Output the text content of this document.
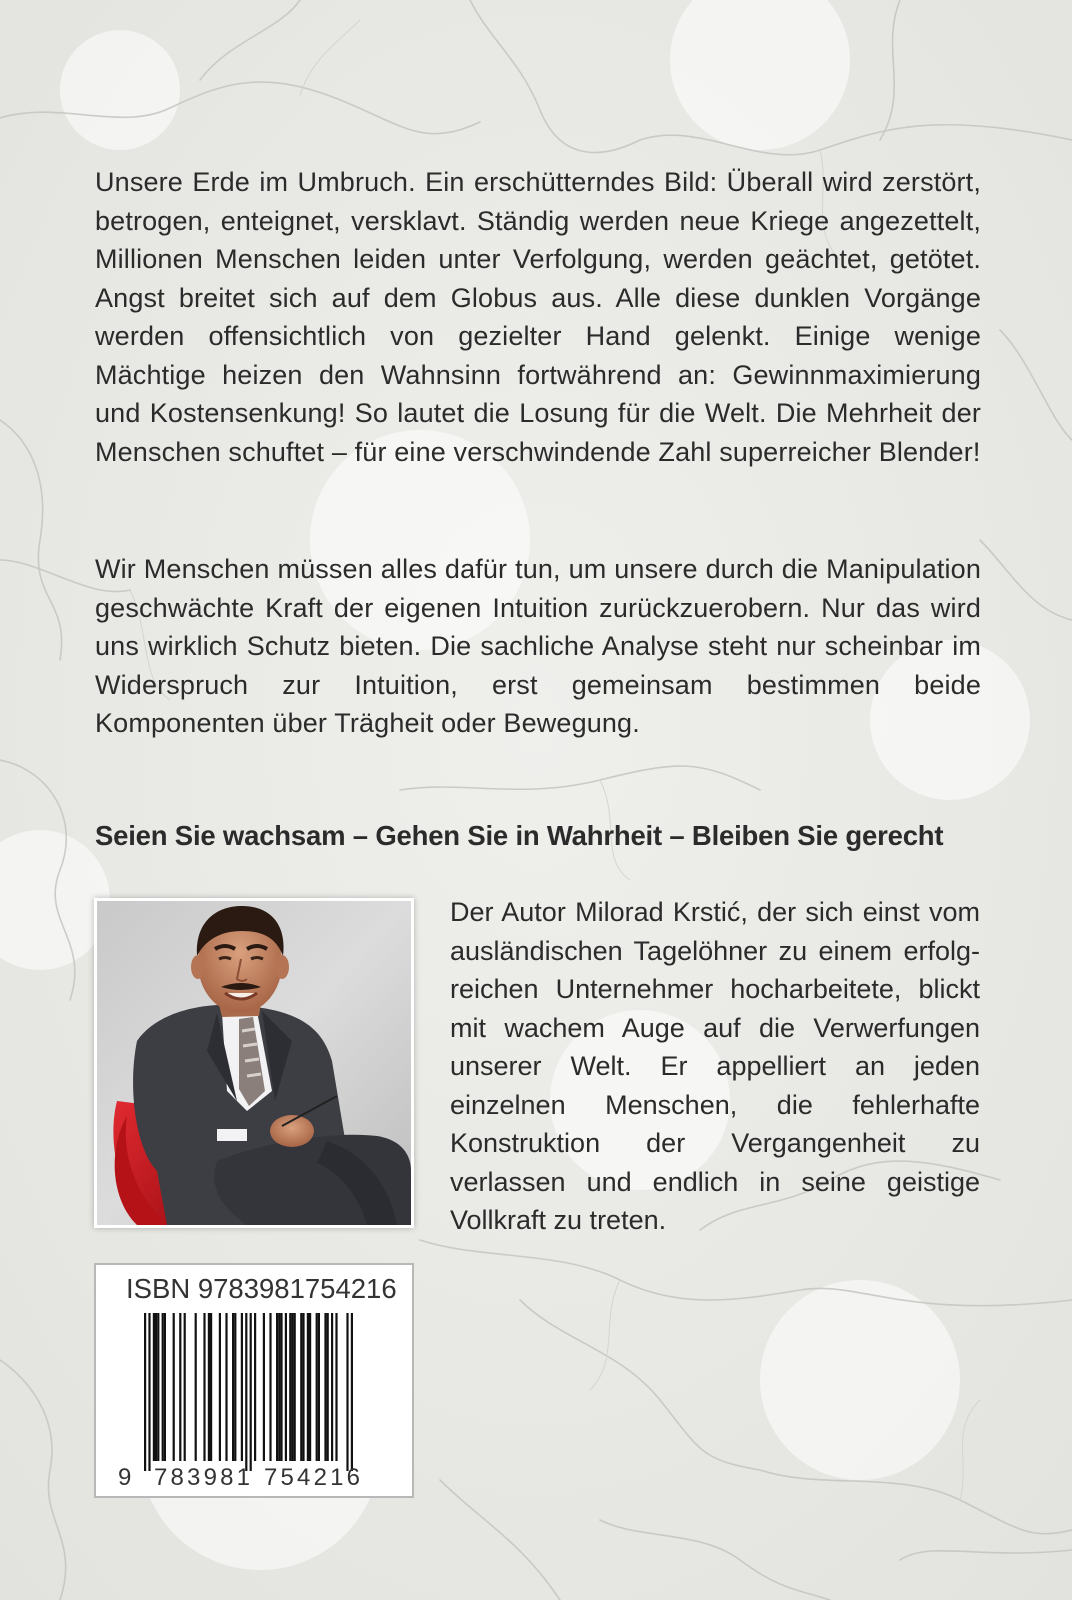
Unsere Erde im Umbruch. Ein erschütterndes Bild: Überall wird zerstört, betrogen, enteignet, versklavt. Ständig werden neue Kriege angezettelt, Millionen Menschen leiden unter Verfolgung, werden geächtet, getötet. Angst breitet sich auf dem Globus aus. Alle diese dunklen Vorgänge werden offensichtlich von gezielter Hand gelenkt. Einige wenige Mächtige heizen den Wahnsinn fortwährend an: Gewinnmaximierung und Kostensenkung! So lautet die Losung für die Welt. Die Mehrheit der Menschen schuftet – für eine verschwindende Zahl superreicher Blender!

Wir Menschen müssen alles dafür tun, um unsere durch die Manipulation geschwächte Kraft der eigenen Intuition zurückzuerobern. Nur das wird uns wirklich Schutz bieten. Die sachliche Analyse steht nur scheinbar im Widerspruch zur Intuition, erst gemeinsam bestimmen beide Komponenten über Trägheit oder Bewegung.

Seien Sie wachsam – Gehen Sie in Wahrheit – Bleiben Sie gerecht

Der Autor Milorad Krstić, der sich einst vom ausländischen Tagelöhner zu einem erfolgreichen Unternehmer hocharbeitete, blickt mit wachem Auge auf die Verwerfungen unserer Welt. Er appelliert an jeden einzelnen Menschen, die fehlerhafte Konstruktion der Vergangenheit zu verlassen und endlich in seine geistige Vollkraft zu treten.

ISBN 9783981754216
9 783981 754216
